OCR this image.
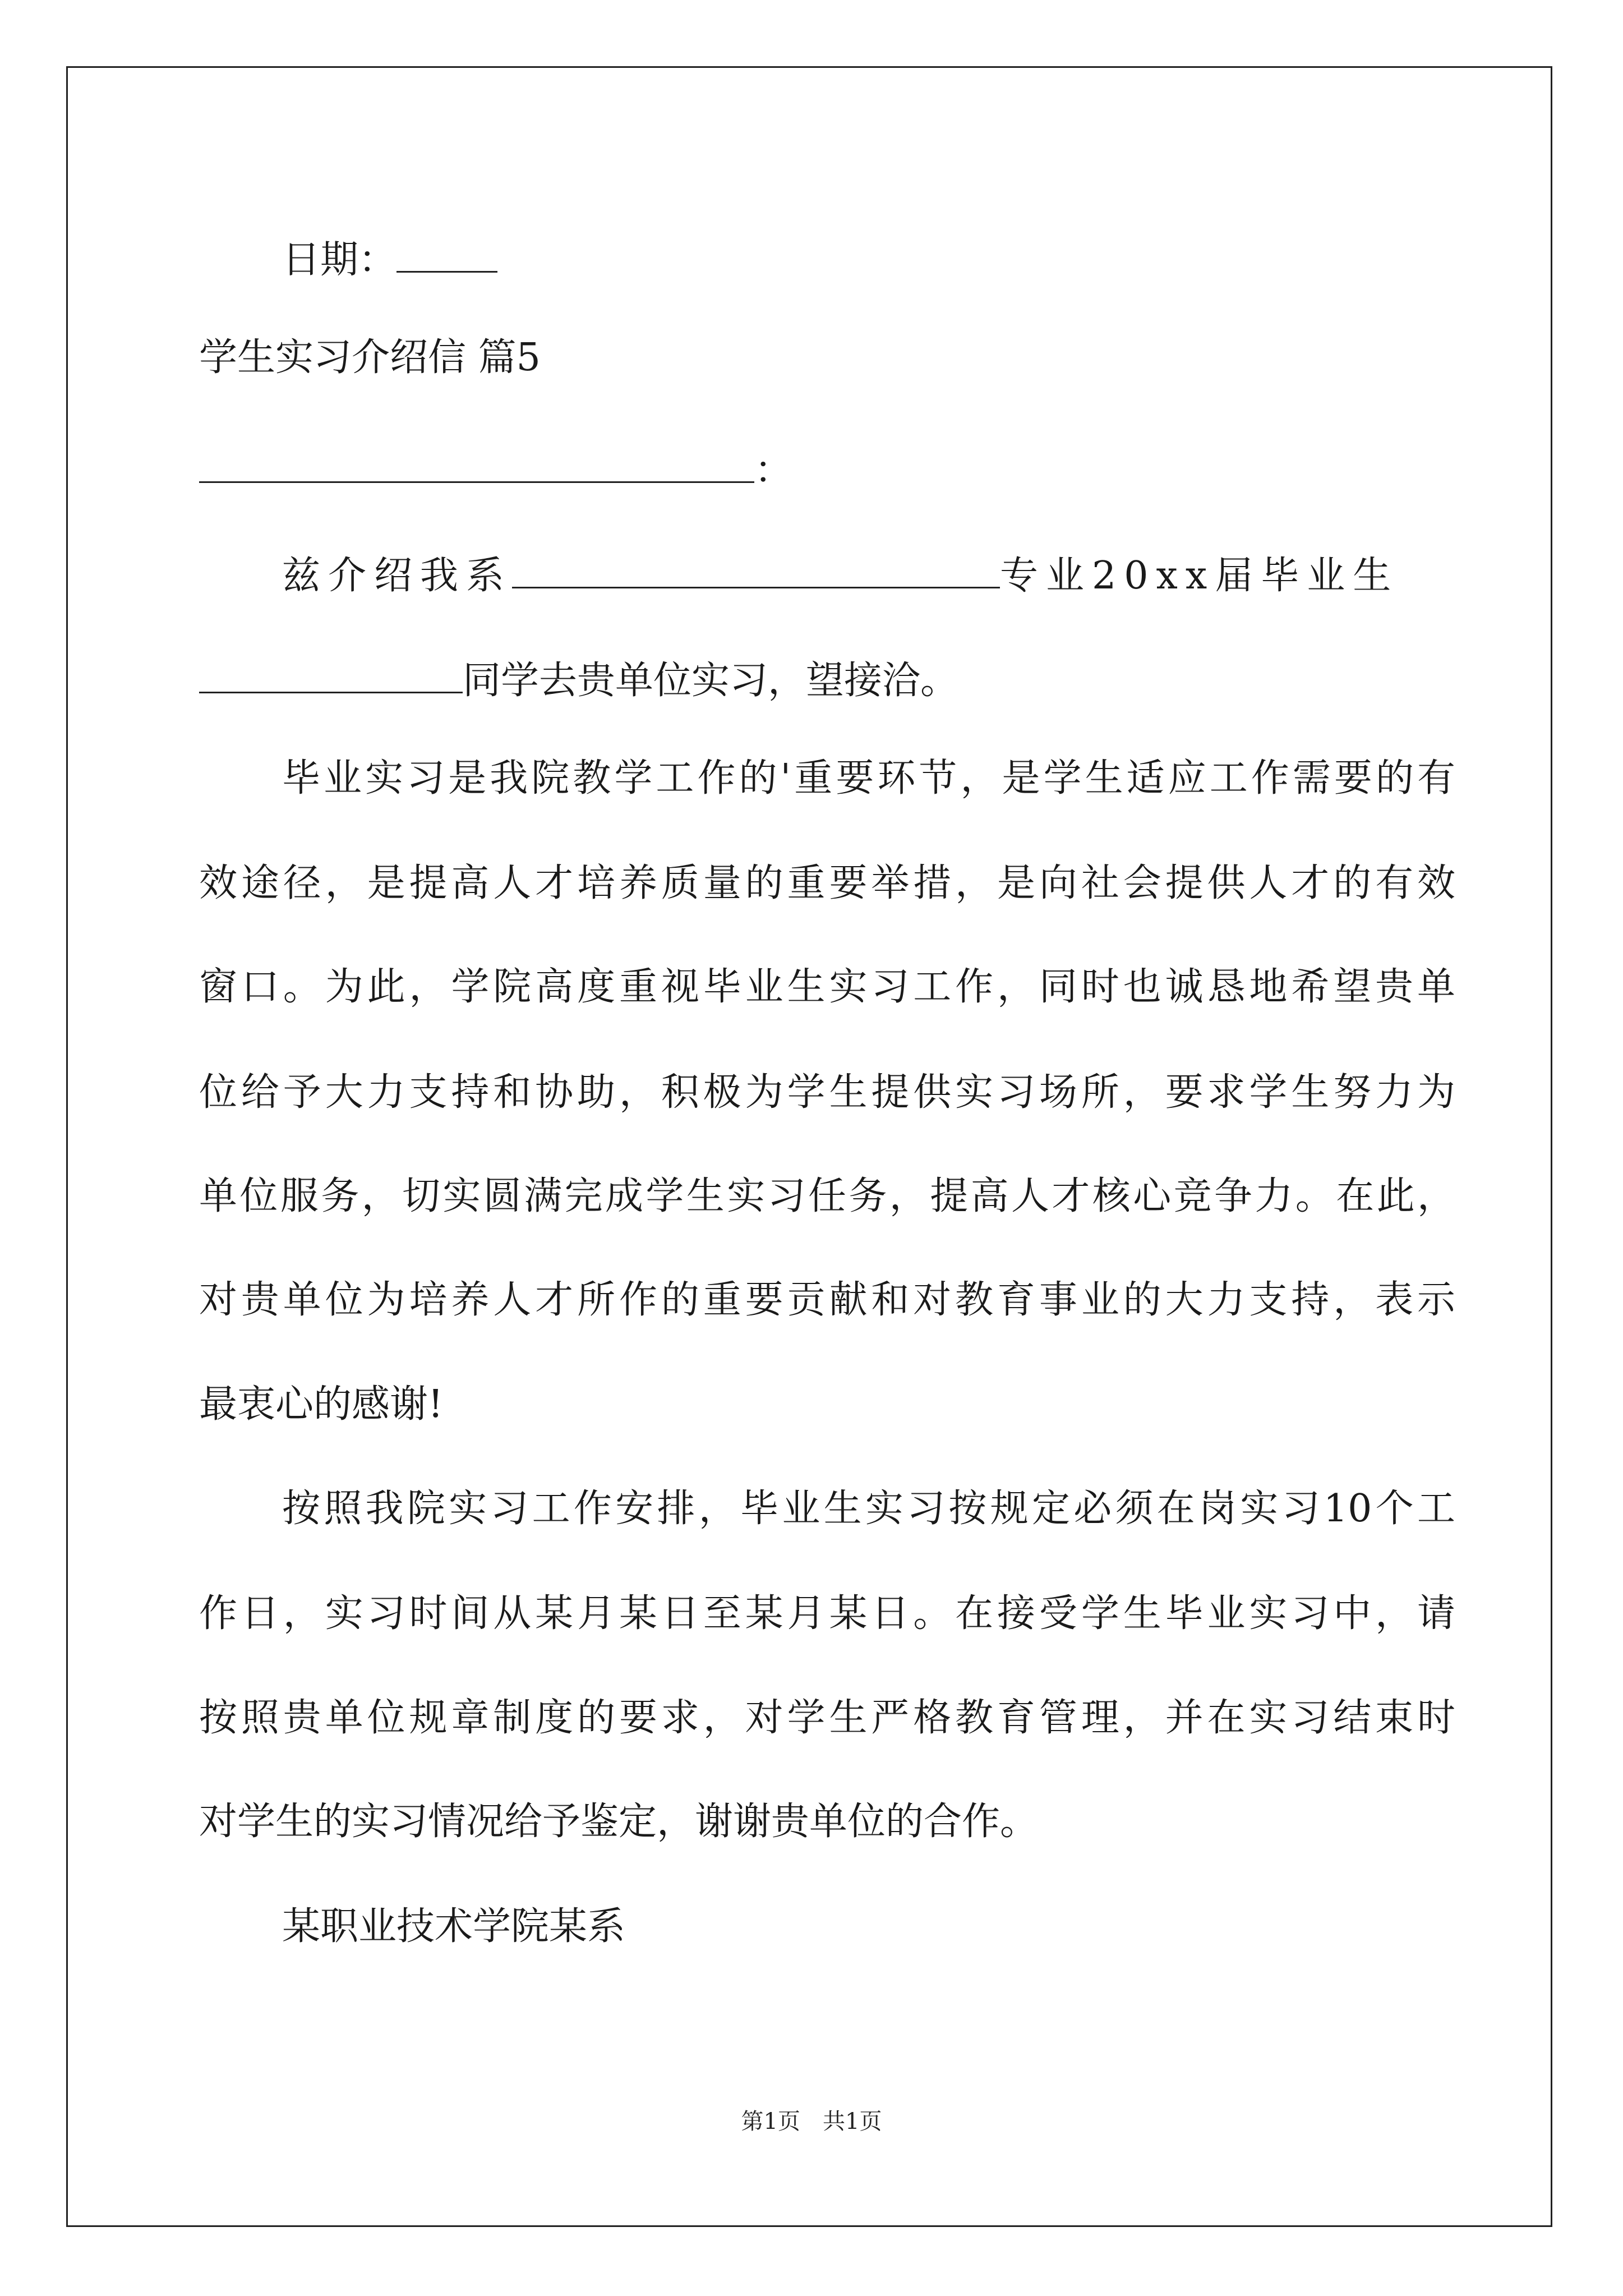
日期：
学生实习介绍信 篇5
：
兹介绍我系	专业20xx届毕业生
同学去贵单位实习，望接洽。
毕业实习是我院教学工作的'重要环节，是学生适应工作需要的有
效途径，是提高人才培养质量的重要举措，是向社会提供人才的有效
窗口。为此，学院高度重视毕业生实习工作，同时也诚恳地希望贵单
位给予大力支持和协助，积极为学生提供实习场所，要求学生努力为
单位服务，切实圆满完成学生实习任务，提高人才核心竞争力。在此，
对贵单位为培养人才所作的重要贡献和对教育事业的大力支持，表示
最衷心的感谢!
按照我院实习工作安排，毕业生实习按规定必须在岗实习10个工
作日，实习时间从某月某日至某月某日。在接受学生毕业实习中，请
按照贵单位规章制度的要求，对学生严格教育管理，并在实习结束时
对学生的实习情况给予鉴定，谢谢贵单位的合作。
某职业技术学院某系
第1页　共1页
